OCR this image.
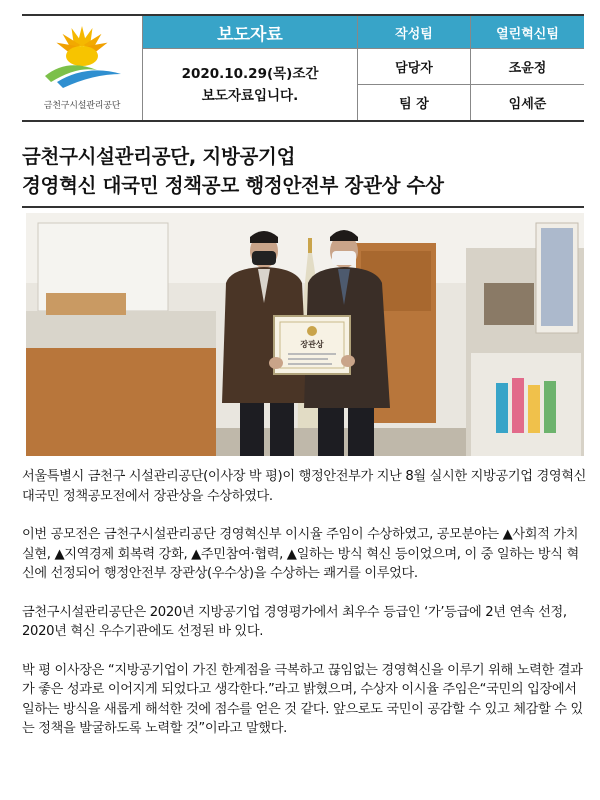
금천구시설관리공단
보도자료
2020.10.29(목)조간
보도자료입니다.
작성팀	열린혁신팀
담당자	조윤정
팀 장	임세준
금천구시설관리공단, 지방공기업
경영혁신 대국민 정책공모 행정안전부 장관상 수상
장관상

서울특별시 금천구 시설관리공단(이사장 박 평)이 행정안전부가 지난 8월 실시한 지방공기업 경영혁신 대국민 정책공모전에서 장관상을 수상하였다.

이번 공모전은 금천구시설관리공단 경영혁신부 이시율 주임이 수상하였고, 공모분야는 ▲사회적 가치 실현, ▲지역경제 회복력 강화, ▲주민참여·협력, ▲일하는 방식 혁신 등이었으며, 이 중 일하는 방식 혁신에 선정되어 행정안전부 장관상(우수상)을 수상하는 쾌거를 이루었다.

금천구시설관리공단은 2020년 지방공기업 경영평가에서 최우수 등급인 ‘가’등급에 2년 연속 선정, 2020년 혁신 우수기관에도 선정된 바 있다.

박 평 이사장은 “지방공기업이 가진 한계점을 극복하고 끊임없는 경영혁신을 이루기 위해 노력한 결과가 좋은 성과로 이어지게 되었다고 생각한다.”라고 밝혔으며, 수상자 이시율 주임은“국민의 입장에서 일하는 방식을 새롭게 해석한 것에 점수를 얻은 것 같다. 앞으로도 국민이 공감할 수 있고 체감할 수 있는 정책을 발굴하도록 노력할 것”이라고 말했다.
